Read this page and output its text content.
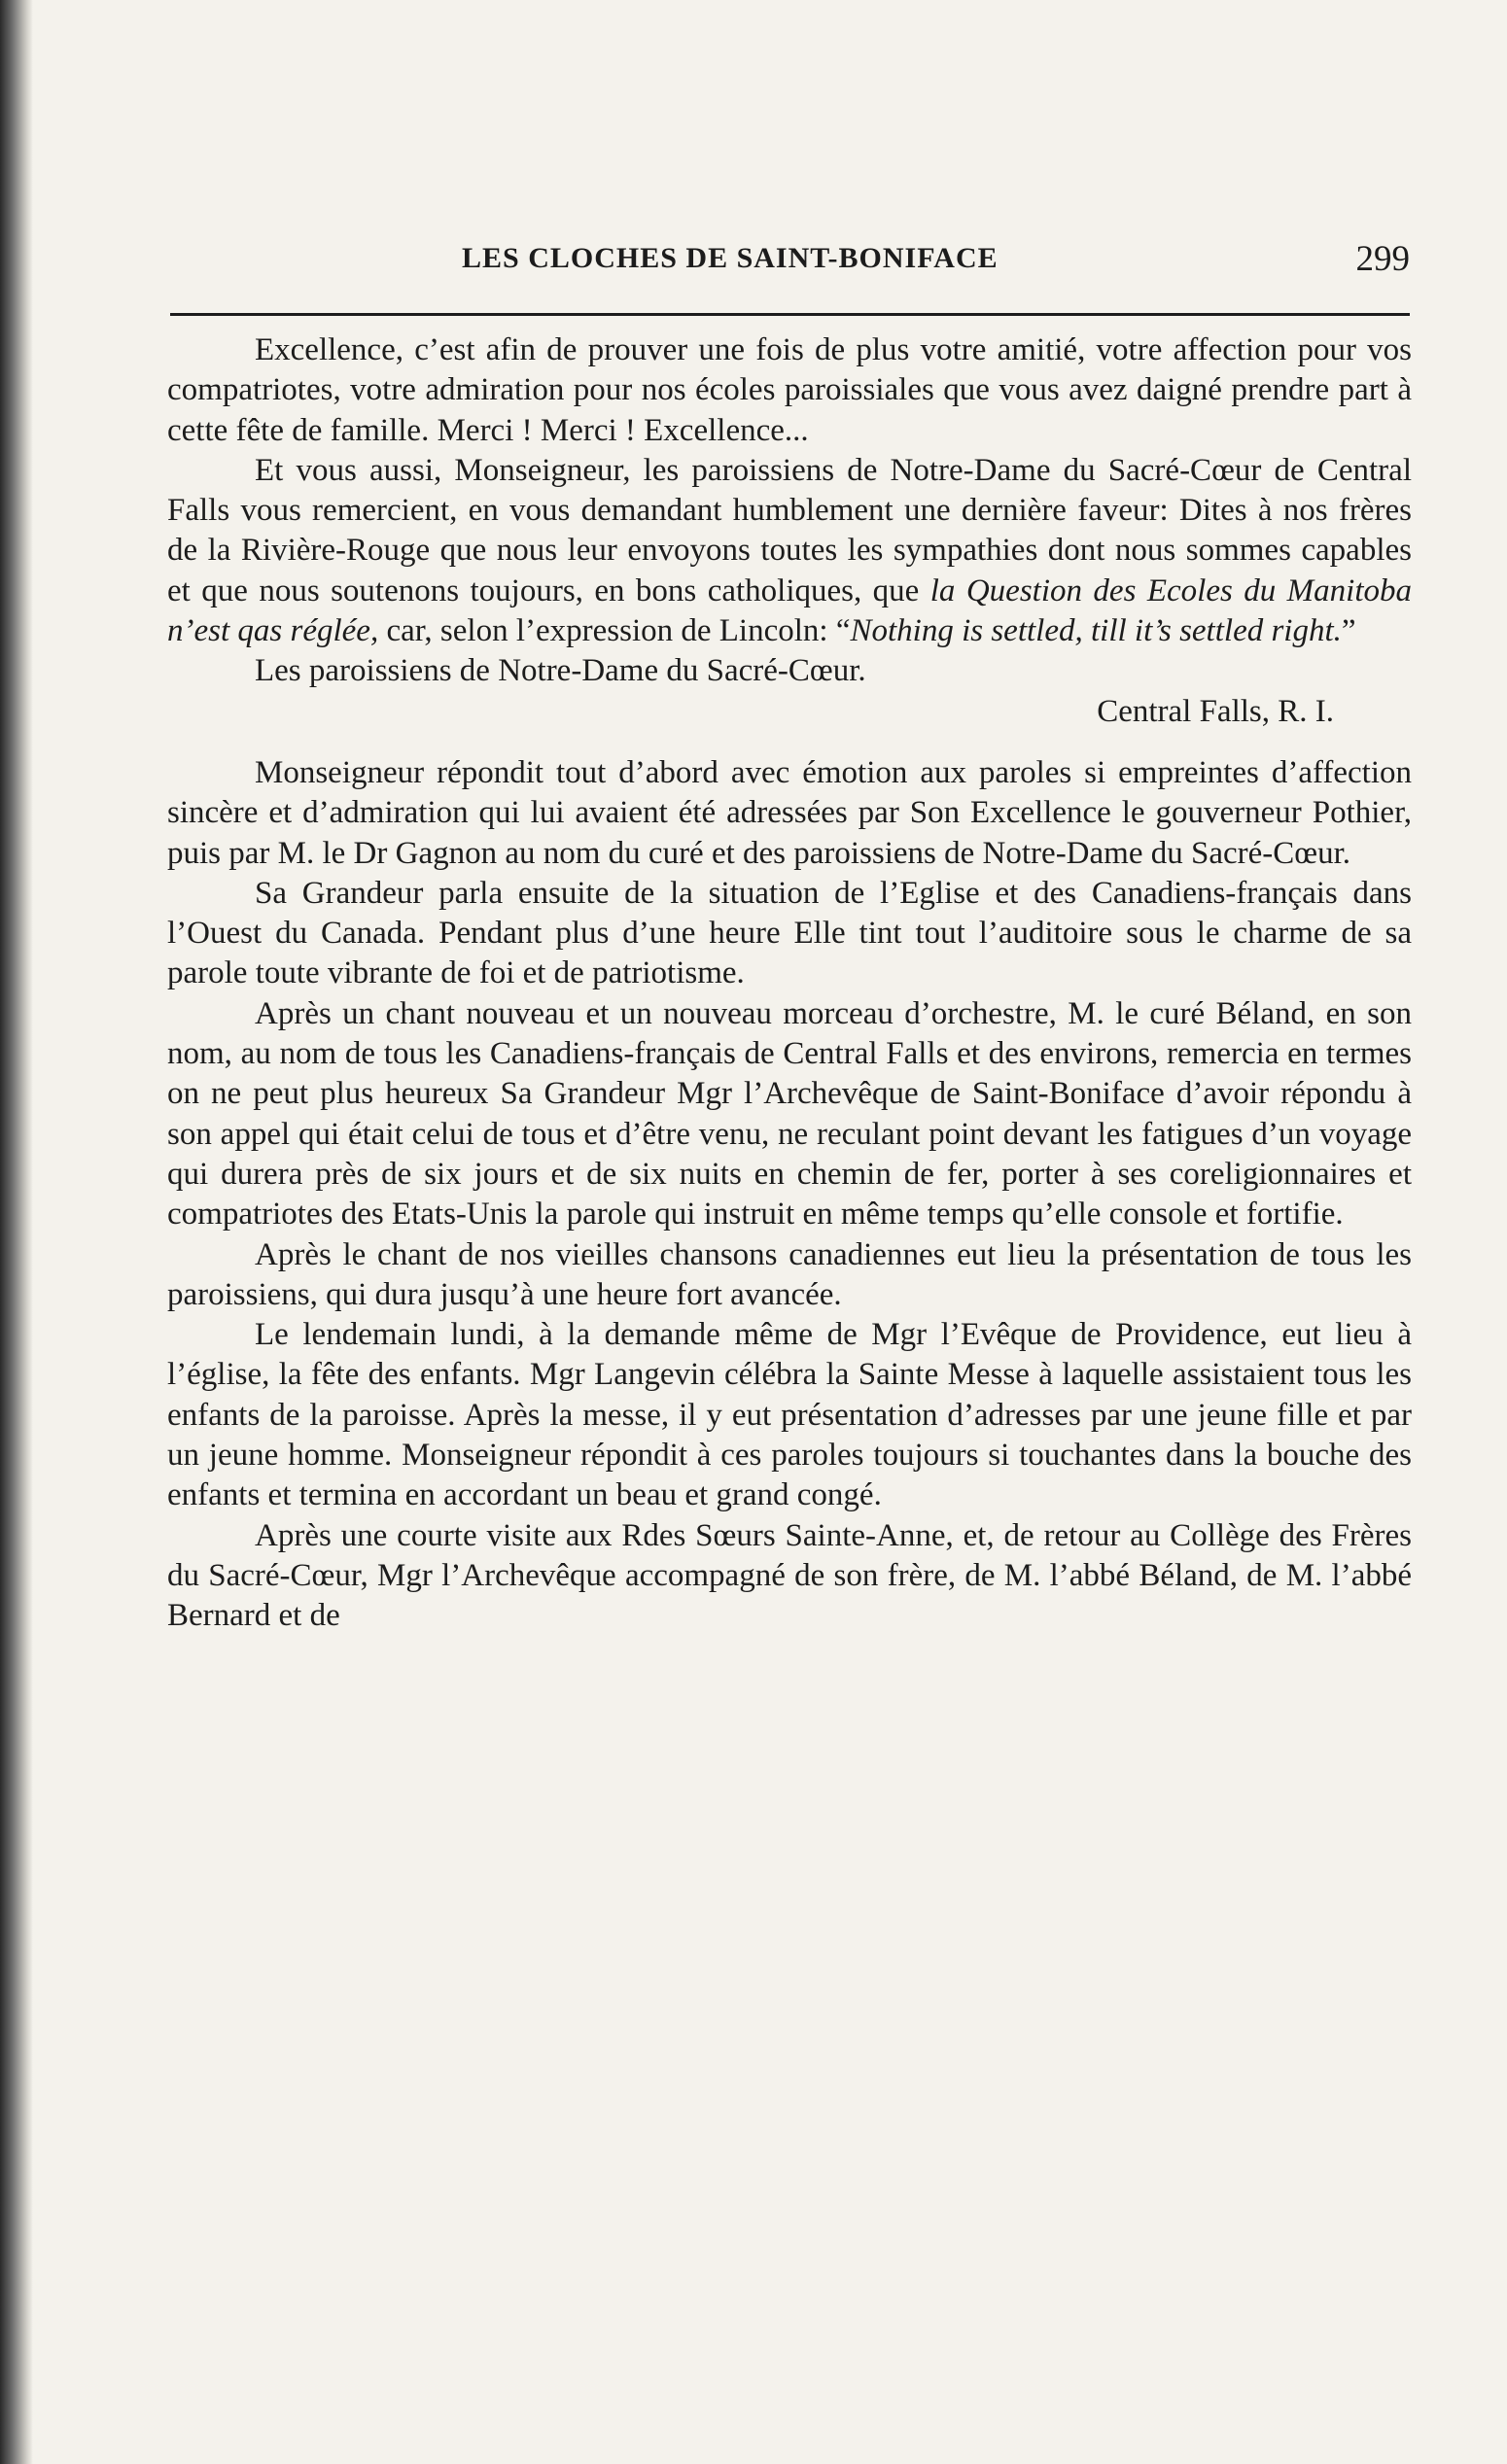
LES CLOCHES DE SAINT-BONIFACE	299

Excellence, c’est afin de prouver une fois de plus votre amitié, votre affection pour vos compatriotes, votre admiration pour nos écoles paroissiales que vous avez daigné prendre part à cette fête de famille. Merci ! Merci ! Excellence...

Et vous aussi, Monseigneur, les paroissiens de Notre-Dame du Sacré-Cœur de Central Falls vous remercient, en vous demandant humblement une dernière faveur: Dites à nos frères de la Rivière-Rouge que nous leur envoyons toutes les sympathies dont nous sommes capables et que nous soutenons toujours, en bons catholiques, que la Question des Ecoles du Manitoba n’est qas réglée, car, selon l’expression de Lincoln: “Nothing is settled, till it’s settled right.”

Les paroissiens de Notre-Dame du Sacré-Cœur.

Central Falls, R. I.

Monseigneur répondit tout d’abord avec émotion aux paroles si empreintes d’affection sincère et d’admiration qui lui avaient été adressées par Son Excellence le gouverneur Pothier, puis par M. le Dr Gagnon au nom du curé et des paroissiens de Notre-Dame du Sacré-Cœur.

Sa Grandeur parla ensuite de la situation de l’Eglise et des Canadiens-français dans l’Ouest du Canada. Pendant plus d’une heure Elle tint tout l’auditoire sous le charme de sa parole toute vibrante de foi et de patriotisme.

Après un chant nouveau et un nouveau morceau d’orchestre, M. le curé Béland, en son nom, au nom de tous les Canadiens-français de Central Falls et des environs, remercia en termes on ne peut plus heureux Sa Grandeur Mgr l’Archevêque de Saint-Boniface d’avoir répondu à son appel qui était celui de tous et d’être venu, ne reculant point devant les fatigues d’un voyage qui durera près de six jours et de six nuits en chemin de fer, porter à ses coreligionnaires et compatriotes des Etats-Unis la parole qui instruit en même temps qu’elle console et fortifie.

Après le chant de nos vieilles chansons canadiennes eut lieu la présentation de tous les paroissiens, qui dura jusqu’à une heure fort avancée.

Le lendemain lundi, à la demande même de Mgr l’Evêque de Providence, eut lieu à l’église, la fête des enfants. Mgr Langevin célébra la Sainte Messe à laquelle assistaient tous les enfants de la paroisse. Après la messe, il y eut présentation d’adresses par une jeune fille et par un jeune homme. Monseigneur répondit à ces paroles toujours si touchantes dans la bouche des enfants et termina en accordant un beau et grand congé.

Après une courte visite aux Rdes Sœurs Sainte-Anne, et, de retour au Collège des Frères du Sacré-Cœur, Mgr l’Archevêque accompagné de son frère, de M. l’abbé Béland, de M. l’abbé Bernard et de
